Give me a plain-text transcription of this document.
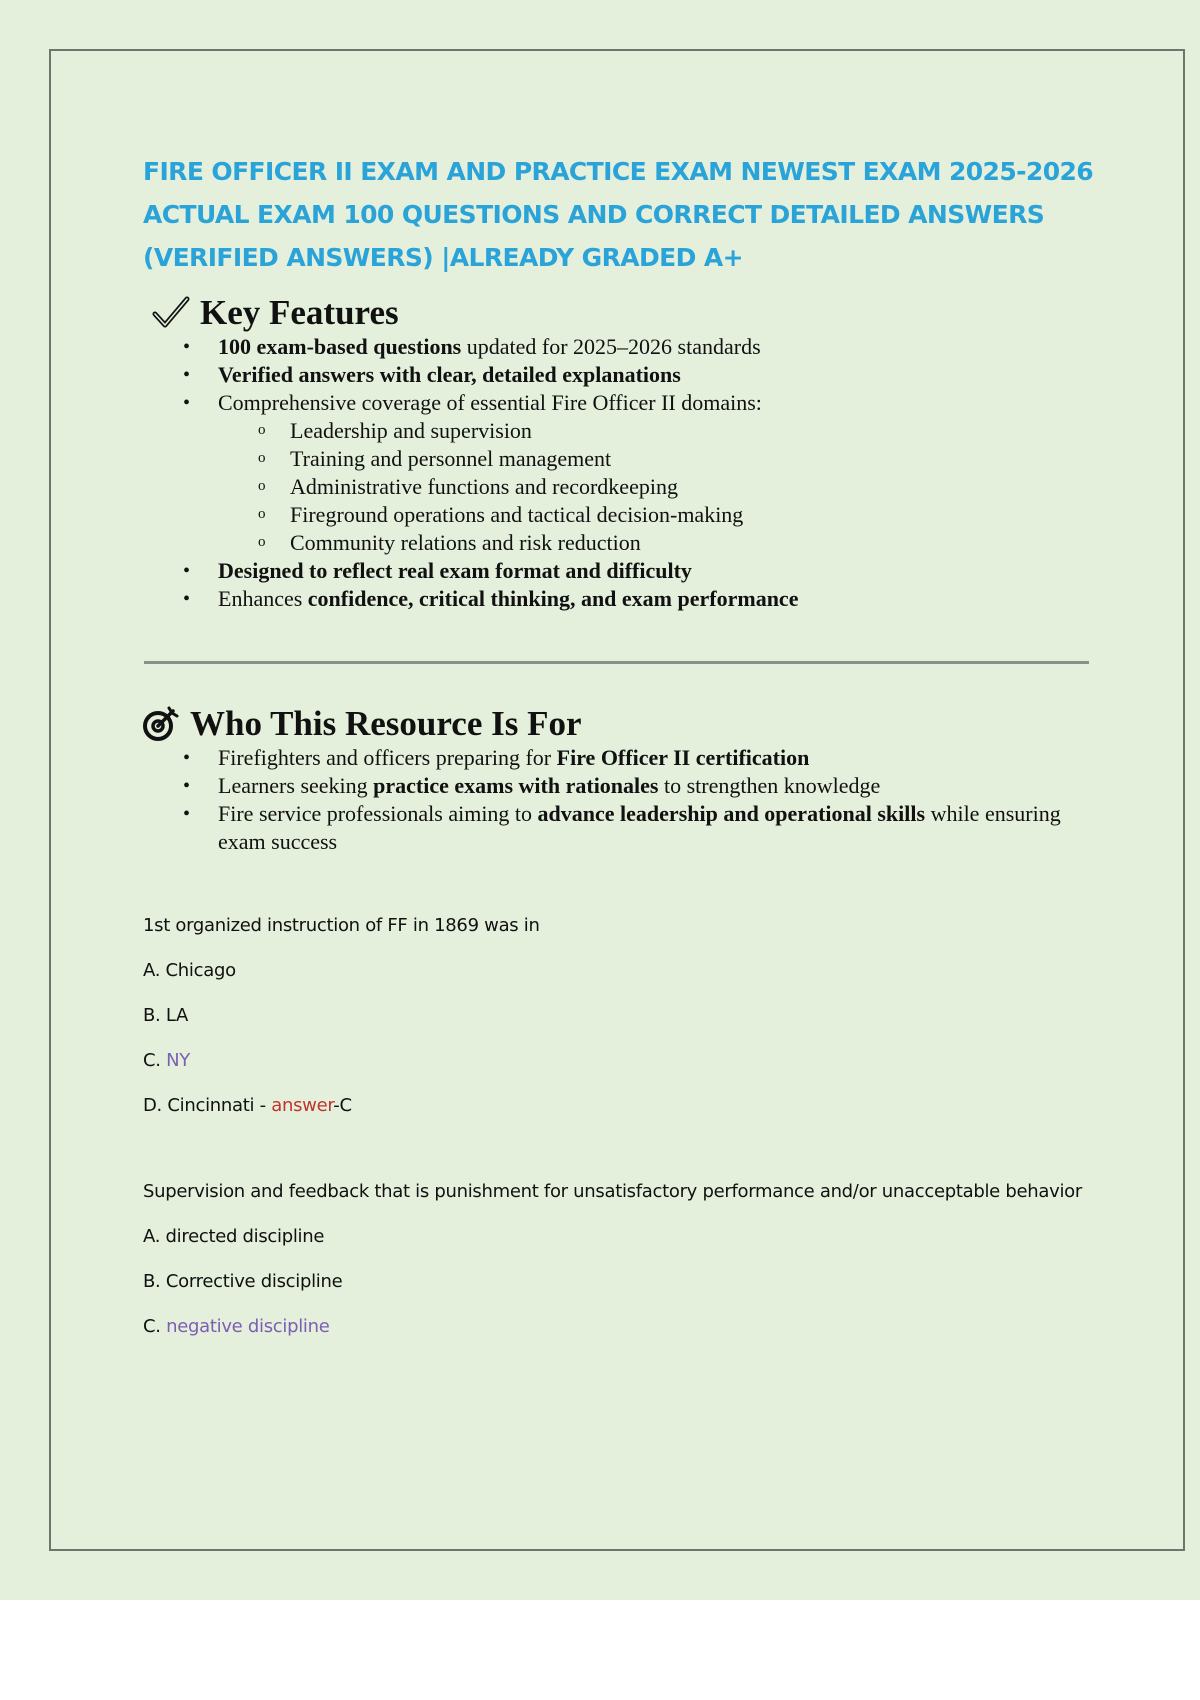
FIRE OFFICER II EXAM AND PRACTICE EXAM NEWEST EXAM 2025-2026
ACTUAL EXAM 100 QUESTIONS AND CORRECT DETAILED ANSWERS
(VERIFIED ANSWERS) |ALREADY GRADED A+
Key Features
• 100 exam-based questions updated for 2025–2026 standards
• Verified answers with clear, detailed explanations
• Comprehensive coverage of essential Fire Officer II domains:
o Leadership and supervision
o Training and personnel management
o Administrative functions and recordkeeping
o Fireground operations and tactical decision-making
o Community relations and risk reduction
• Designed to reflect real exam format and difficulty
• Enhances confidence, critical thinking, and exam performance
Who This Resource Is For
• Firefighters and officers preparing for Fire Officer II certification
• Learners seeking practice exams with rationales to strengthen knowledge
• Fire service professionals aiming to advance leadership and operational skills while ensuring exam success

1st organized instruction of FF in 1869 was in

A. Chicago
B. LA
C. NY
D. Cincinnati - answer-C

Supervision and feedback that is punishment for unsatisfactory performance and/or unacceptable behavior

A. directed discipline
B. Corrective discipline
C. negative discipline
